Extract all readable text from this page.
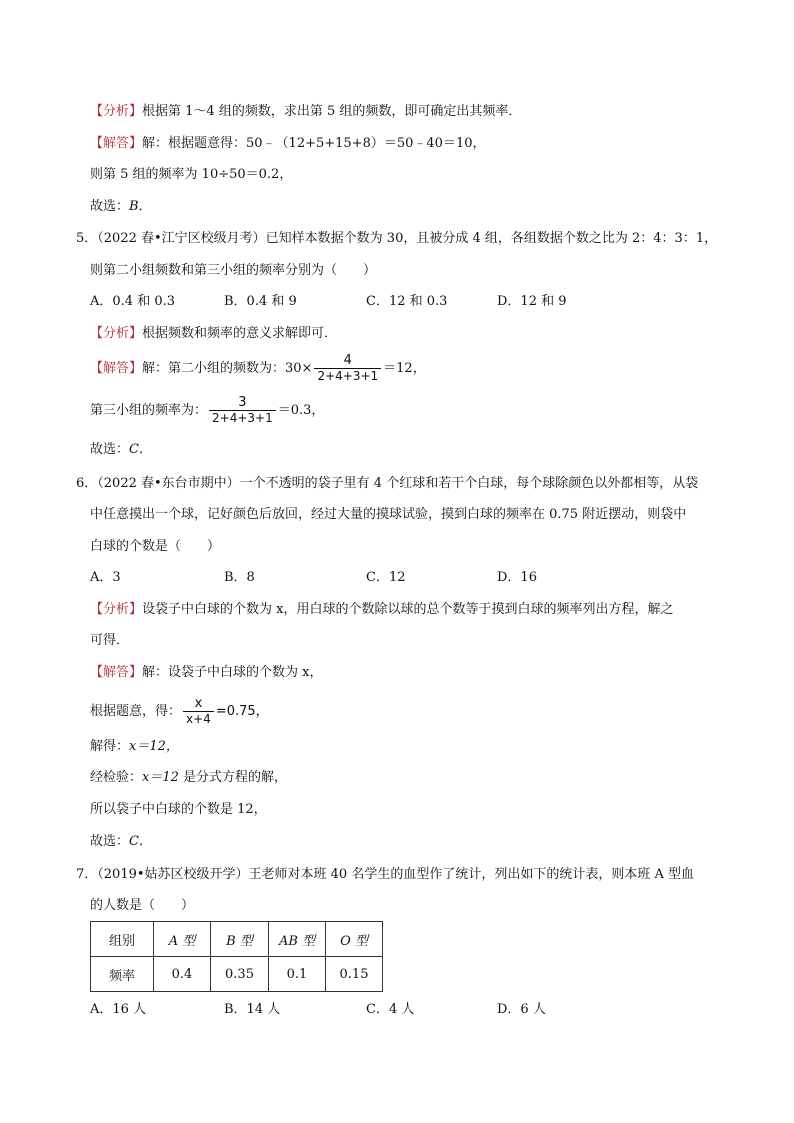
【分析】根据第 1～4 组的频数，求出第 5 组的频数，即可确定出其频率．
【解答】解：根据题意得：50﹣（12+5+15+8）＝50﹣40＝10，
则第 5 组的频率为 10÷50＝0.2，
故选：B．
5．（2022 春•江宁区校级月考）已知样本数据个数为 30，且被分成 4 组，各组数据个数之比为 2：4：3：1，
则第二小组频数和第三小组的频率分别为（　　）
A．0.4 和 0.3	B．0.4 和 9	C．12 和 0.3	D．12 和 9
【分析】根据频数和频率的意义求解即可．
【解答】解：第二小组的频数为：$30\times \frac{4}{2+4+3+1} =12$，
第三小组的频率为： $\frac{3}{2+4+3+1} =0.3$，
故选：C．
6．（2022 春•东台市期中）一个不透明的袋子里有 4 个红球和若干个白球，每个球除颜色以外都相等，从袋
中任意摸出一个球，记好颜色后放回，经过大量的摸球试验，摸到白球的频率在 0.75 附近摆动，则袋中
白球的个数是（　　）
A．3	B．8	C．12	D．16
【分析】设袋子中白球的个数为 x，用白球的个数除以球的总个数等于摸到白球的频率列出方程，解之
可得．
【解答】解：设袋子中白球的个数为 x，
根据题意，得： $\frac{x}{x+4} =0.75$，
解得：x＝12，
经检验：x＝12 是分式方程的解，
所以袋子中白球的个数是 12，
故选：C．
7．（2019•姑苏区校级开学）王老师对本班 40 名学生的血型作了统计，列出如下的统计表，则本班 A 型血
的人数是（　　）
组别	A 型	B 型	AB 型	O 型
频率	0.4	0.35	0.1	0.15
A．16 人	B．14 人	C．4 人	D．6 人
